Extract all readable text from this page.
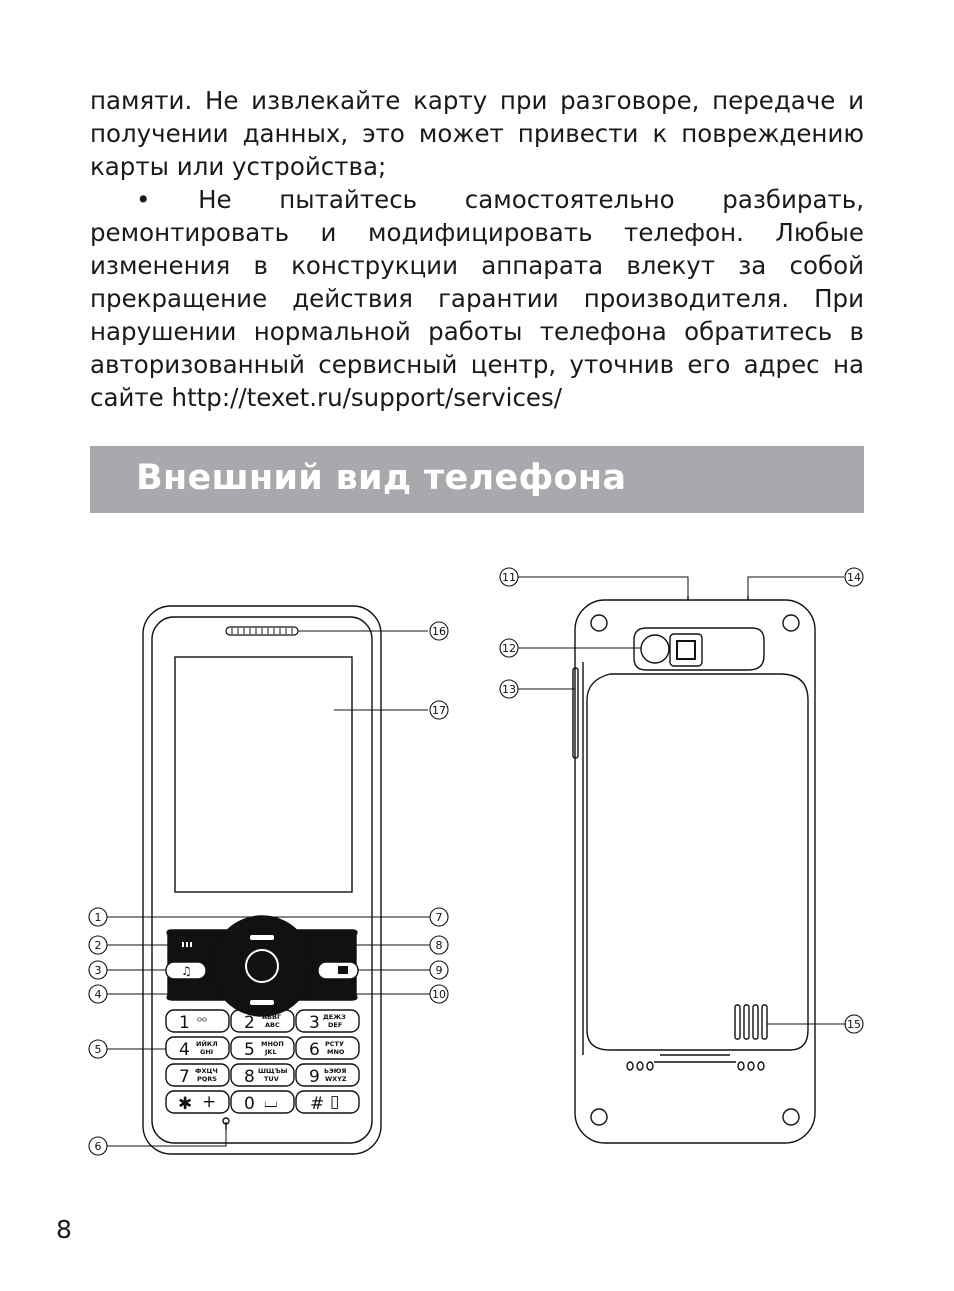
памяти. Не извлекайте карту при разговоре, передаче и получении данных, это может привести к повреждению карты или устройства;

• Не пытайтесь самостоятельно разбирать, ремонтировать и модифицировать телефон. Любые изменения в конструкции аппарата влекут за собой прекращение действия гарантии производителя. При нарушении нормальной работы телефона обратитесь в авторизованный сервисный центр, уточнив его адрес на сайте http://texet.ru/support/services/

Внешний вид телефона
♫
1
2
3
4
5
6
7
8
9
10
11
12
13
14
15
16
17
1 ᴼᴼ 2 АБВГ
ABC 3 ДЕЖЗ
DEF
4 ИЙКЛ
GHI 5 МНОП
JKL 6 РСТУ
MNO
7 ФХЦЧ
PQRS 8 ШЩЪЫ
TUV 9 ЬЭЮЯ
WXYZ
✱ + 0 ⌴ # ▯
8
